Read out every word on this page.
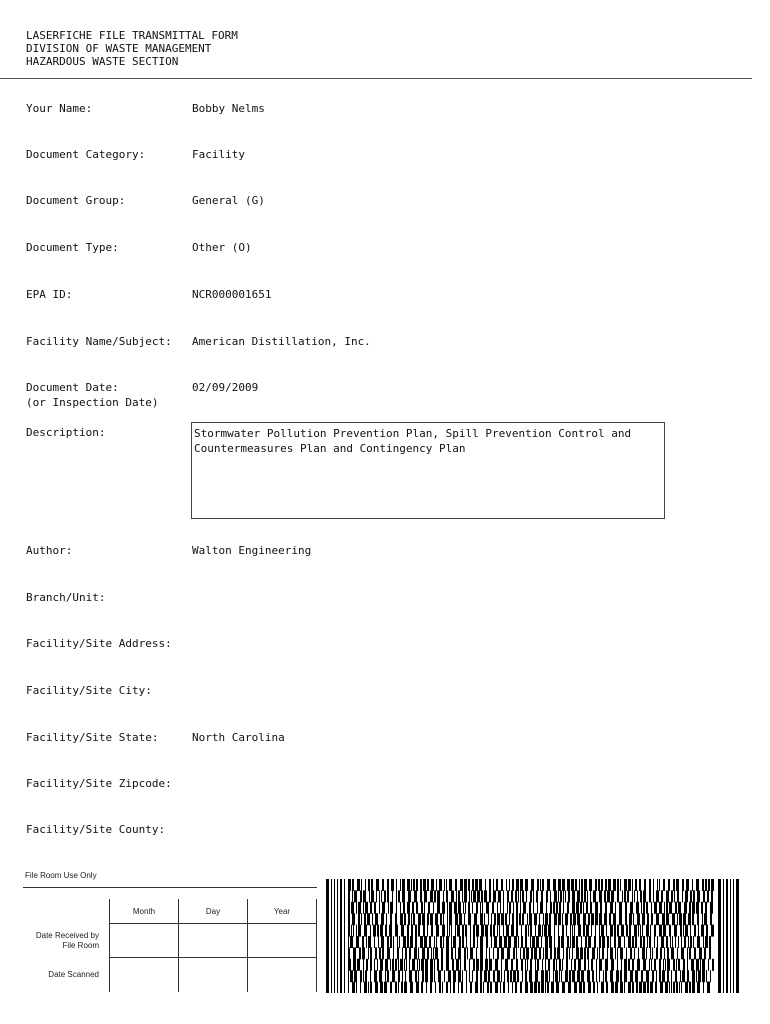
LASERFICHE FILE TRANSMITTAL FORM
DIVISION OF WASTE MANAGEMENT
HAZARDOUS WASTE SECTION
Your Name:	Bobby Nelms
Document Category:	Facility
Document Group:	General (G)
Document Type:	Other (O)
EPA ID:	NCR000001651
Facility Name/Subject: American Distillation, Inc.
Document Date:
(or Inspection Date)
02/09/2009
Description:	Stormwater Pollution Prevention Plan, Spill Prevention Control and Countermeasures Plan and Contingency Plan
Author:	Walton Engineering
Branch/Unit:
Facility/Site Address:
Facility/Site City:
Facility/Site State:	North Carolina
Facility/Site Zipcode:
Facility/Site County:
File Room Use Only
	Month	Day	Year
Date Received by File Room			
Date Scanned			
